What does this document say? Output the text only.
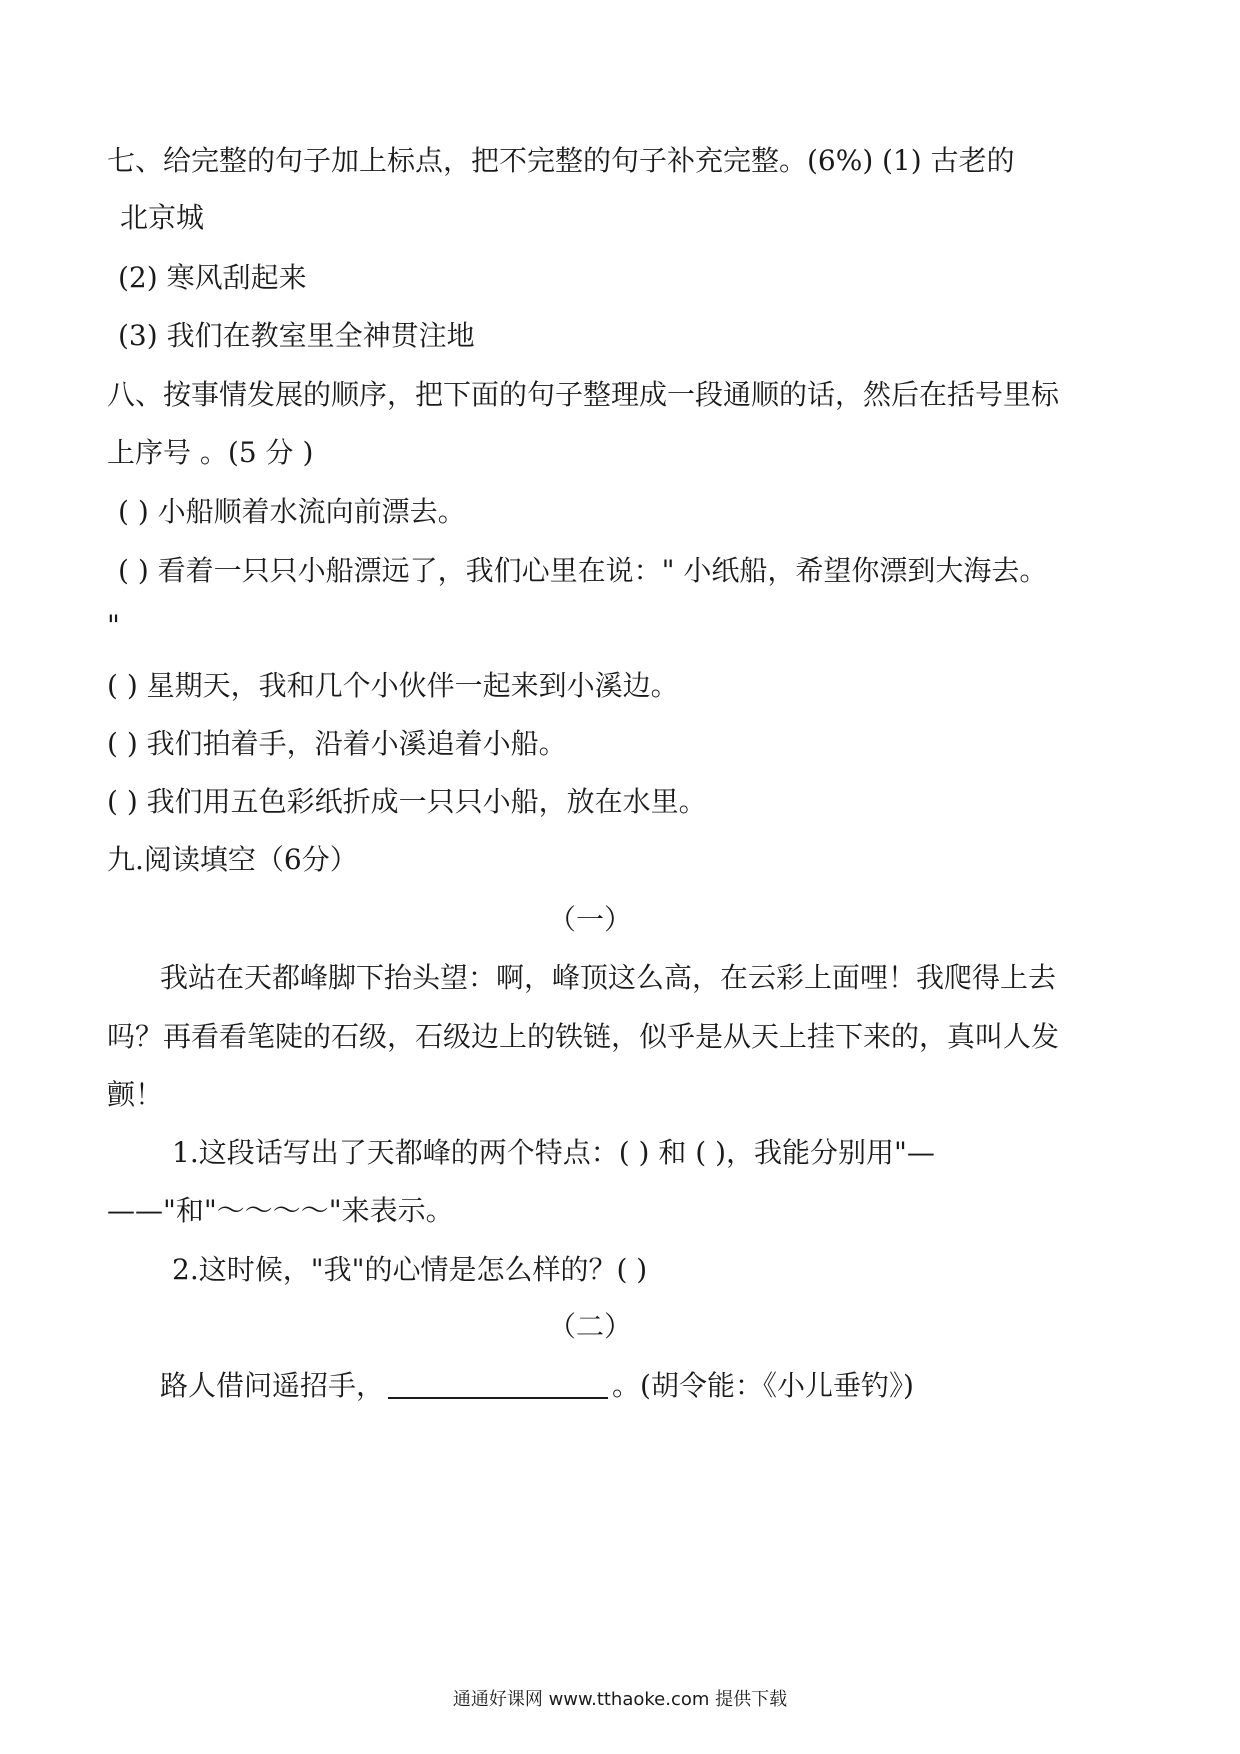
七、给完整的句子加上标点，把不完整的句子补充完整。(6%) (1) 古老的
北京城
(2) 寒风刮起来
(3) 我们在教室里全神贯注地
八、按事情发展的顺序，把下面的句子整理成一段通顺的话，然后在括号里标
上序号 。(5 分 )
( ) 小船顺着水流向前漂去。
( ) 看着一只只小船漂远了，我们心里在说：" 小纸船，希望你漂到大海去。
"
( ) 星期天，我和几个小伙伴一起来到小溪边。
( ) 我们拍着手，沿着小溪追着小船。
( ) 我们用五色彩纸折成一只只小船，放在水里。
九.阅读填空（6分）
（一）
我站在天都峰脚下抬头望：啊，峰顶这么高，在云彩上面哩！我爬得上去
吗？再看看笔陡的石级，石级边上的铁链，似乎是从天上挂下来的，真叫人发
颤！
1.这段话写出了天都峰的两个特点：( ) 和 ( )，我能分别用"—
——"和"～～～～"来表示。
2.这时候，"我"的心情是怎么样的？( )
（二）
路人借问遥招手，	。(胡令能：《小儿垂钓》)
通通好课网 www.tthaoke.com 提供下载
